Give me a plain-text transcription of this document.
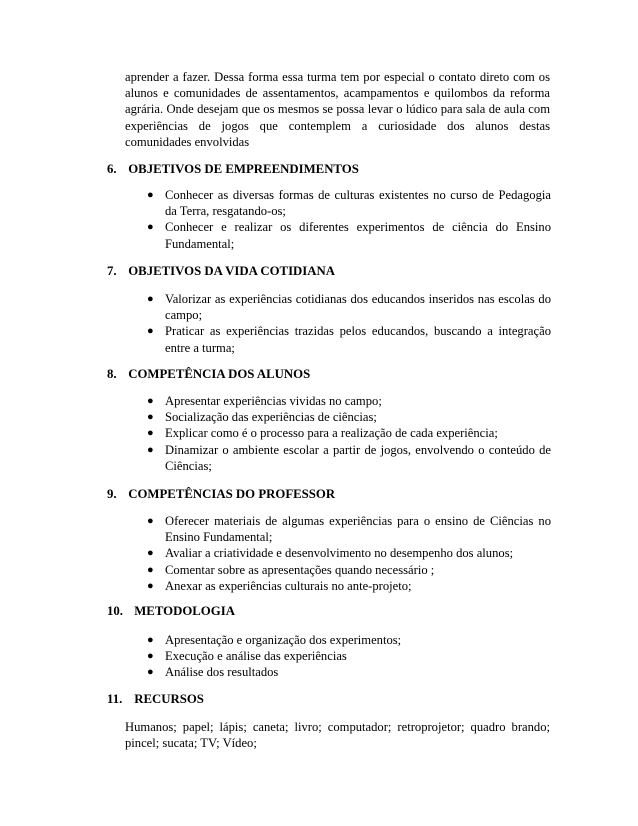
aprender a fazer. Dessa forma essa turma tem por especial o contato direto com os alunos e comunidades de assentamentos, acampamentos e quilombos da reforma agrária. Onde desejam que os mesmos se possa levar o lúdico para sala de aula com experiências de jogos que contemplem a curiosidade dos alunos destas comunidades envolvidas

6. OBJETIVOS DE EMPREENDIMENTOS
● Conhecer as diversas formas de culturas existentes no curso de Pedagogia da Terra, resgatando-os;
● Conhecer e realizar os diferentes experimentos de ciência do Ensino Fundamental;
7. OBJETIVOS DA VIDA COTIDIANA
● Valorizar as experiências cotidianas dos educandos inseridos nas escolas do campo;
● Praticar as experiências trazidas pelos educandos, buscando a integração entre a turma;
8. COMPETÊNCIA DOS ALUNOS
● Apresentar experiências vividas no campo;
● Socialização das experiências de ciências;
● Explicar como é o processo para a realização de cada experiência;
● Dinamizar o ambiente escolar a partir de jogos, envolvendo o conteúdo de Ciências;
9. COMPETÊNCIAS DO PROFESSOR
● Oferecer materiais de algumas experiências para o ensino de Ciências no Ensino Fundamental;
● Avaliar a criatividade e desenvolvimento no desempenho dos alunos;
● Comentar sobre as apresentações quando necessário ;
● Anexar as experiências culturais no ante-projeto;
10. METODOLOGIA
● Apresentação e organização dos experimentos;
● Execução e análise das experiências
● Análise dos resultados
11. RECURSOS

Humanos; papel; lápis; caneta; livro; computador; retroprojetor; quadro brando; pincel; sucata; TV; Vídeo;
